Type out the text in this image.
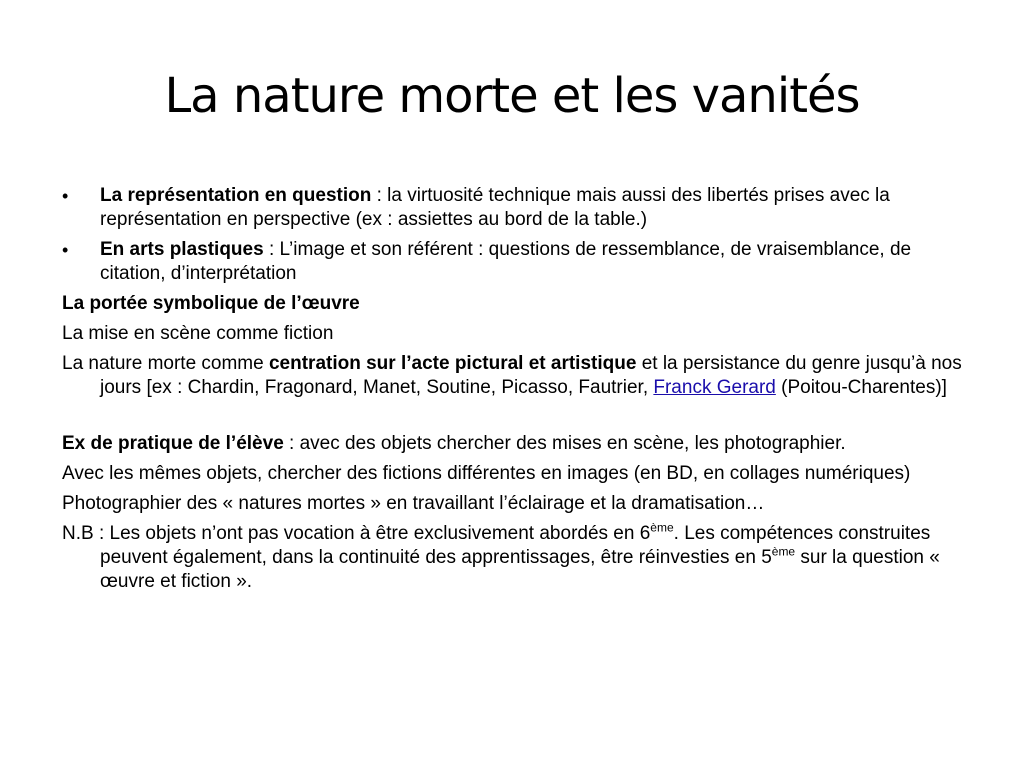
La nature morte et les vanités

•	La représentation en question : la virtuosité technique mais aussi des libertés prises avec la représentation en perspective (ex : assiettes au bord de la table.)

•	En arts plastiques : L’image et son référent : questions de ressemblance, de vraisemblance, de citation, d’interprétation

La portée symbolique de l’œuvre

La mise en scène comme fiction

La nature morte comme centration sur l’acte pictural et artistique et la persistance du genre jusqu’à nos jours [ex : Chardin, Fragonard, Manet, Soutine, Picasso, Fautrier, Franck Gerard (Poitou-Charentes)]

Ex de pratique de l’élève : avec des objets chercher des mises en scène, les photographier.

Avec les mêmes objets, chercher des fictions différentes en images (en BD, en collages numériques)

Photographier des « natures mortes » en travaillant l’éclairage et la dramatisation…

N.B : Les objets n’ont pas vocation à être exclusivement abordés en 6ème. Les compétences construites peuvent également, dans la continuité des apprentissages, être réinvesties en 5ème sur la question « œuvre et fiction ».
